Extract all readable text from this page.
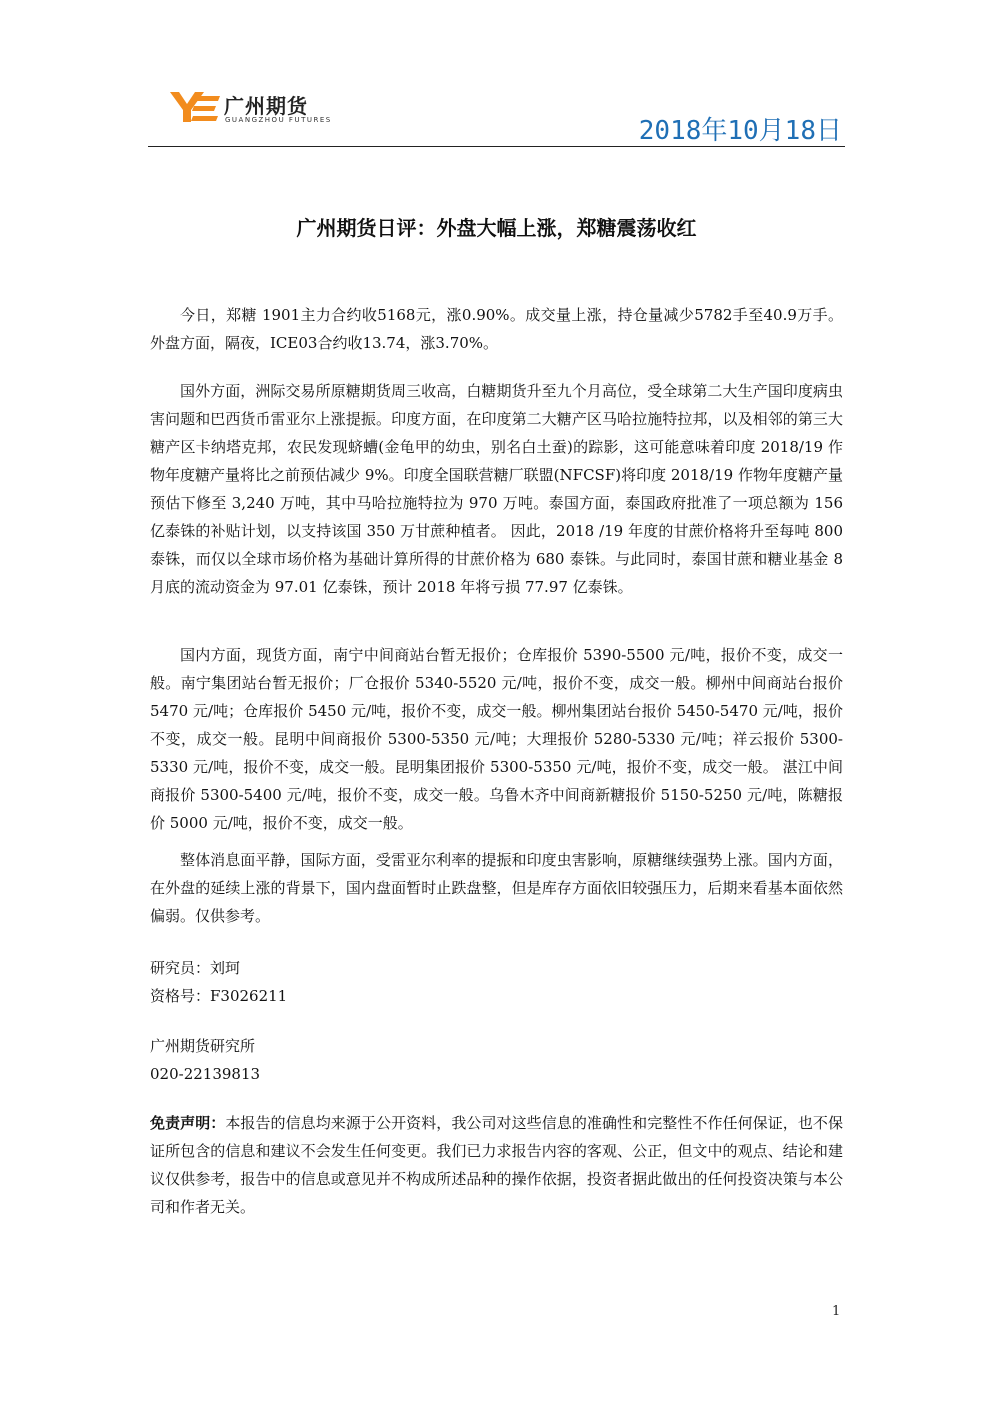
广州期货
GUANGZHOU FUTURES	2018年10月18日
广州期货日评：外盘大幅上涨，郑糖震荡收红

今日，郑糖 1901主力合约收5168元，涨0.90%。成交量上涨，持仓量减少5782手至40.9万手。外盘方面，隔夜，ICE03合约收13.74，涨3.70%。

国外方面，洲际交易所原糖期货周三收高，白糖期货升至九个月高位，受全球第二大生产国印度病虫害问题和巴西货币雷亚尔上涨提振。印度方面，在印度第二大糖产区马哈拉施特拉邦，以及相邻的第三大糖产区卡纳塔克邦，农民发现蛴螬(金龟甲的幼虫，别名白土蚕)的踪影，这可能意味着印度 2018/19 作物年度糖产量将比之前预估减少 9%。印度全国联营糖厂联盟(NFCSF)将印度 2018/19 作物年度糖产量预估下修至 3,240 万吨，其中马哈拉施特拉为 970 万吨。泰国方面，泰国政府批准了一项总额为 156 亿泰铢的补贴计划，以支持该国 350 万甘蔗种植者。 因此，2018 /19 年度的甘蔗价格将升至每吨 800 泰铢，而仅以全球市场价格为基础计算所得的甘蔗价格为 680 泰铢。与此同时，泰国甘蔗和糖业基金 8 月底的流动资金为 97.01 亿泰铢，预计 2018 年将亏损 77.97 亿泰铢。

国内方面，现货方面，南宁中间商站台暂无报价；仓库报价 5390-5500 元/吨，报价不变，成交一般。南宁集团站台暂无报价；厂仓报价 5340-5520 元/吨，报价不变，成交一般。柳州中间商站台报价 5470 元/吨；仓库报价 5450 元/吨，报价不变，成交一般。柳州集团站台报价 5450-5470 元/吨，报价不变，成交一般。昆明中间商报价 5300-5350 元/吨；大理报价 5280-5330 元/吨；祥云报价 5300-5330 元/吨，报价不变，成交一般。昆明集团报价 5300-5350 元/吨，报价不变，成交一般。 湛江中间商报价 5300-5400 元/吨，报价不变，成交一般。乌鲁木齐中间商新糖报价 5150-5250 元/吨，陈糖报价 5000 元/吨，报价不变，成交一般。

整体消息面平静，国际方面，受雷亚尔利率的提振和印度虫害影响，原糖继续强势上涨。国内方面，在外盘的延续上涨的背景下，国内盘面暂时止跌盘整，但是库存方面依旧较强压力，后期来看基本面依然偏弱。仅供参考。

研究员：刘珂

资格号：F3026211

广州期货研究所

020-22139813

免责声明：本报告的信息均来源于公开资料，我公司对这些信息的准确性和完整性不作任何保证，也不保证所包含的信息和建议不会发生任何变更。我们已力求报告内容的客观、公正，但文中的观点、结论和建议仅供参考，报告中的信息或意见并不构成所述品种的操作依据，投资者据此做出的任何投资决策与本公司和作者无关。

1
